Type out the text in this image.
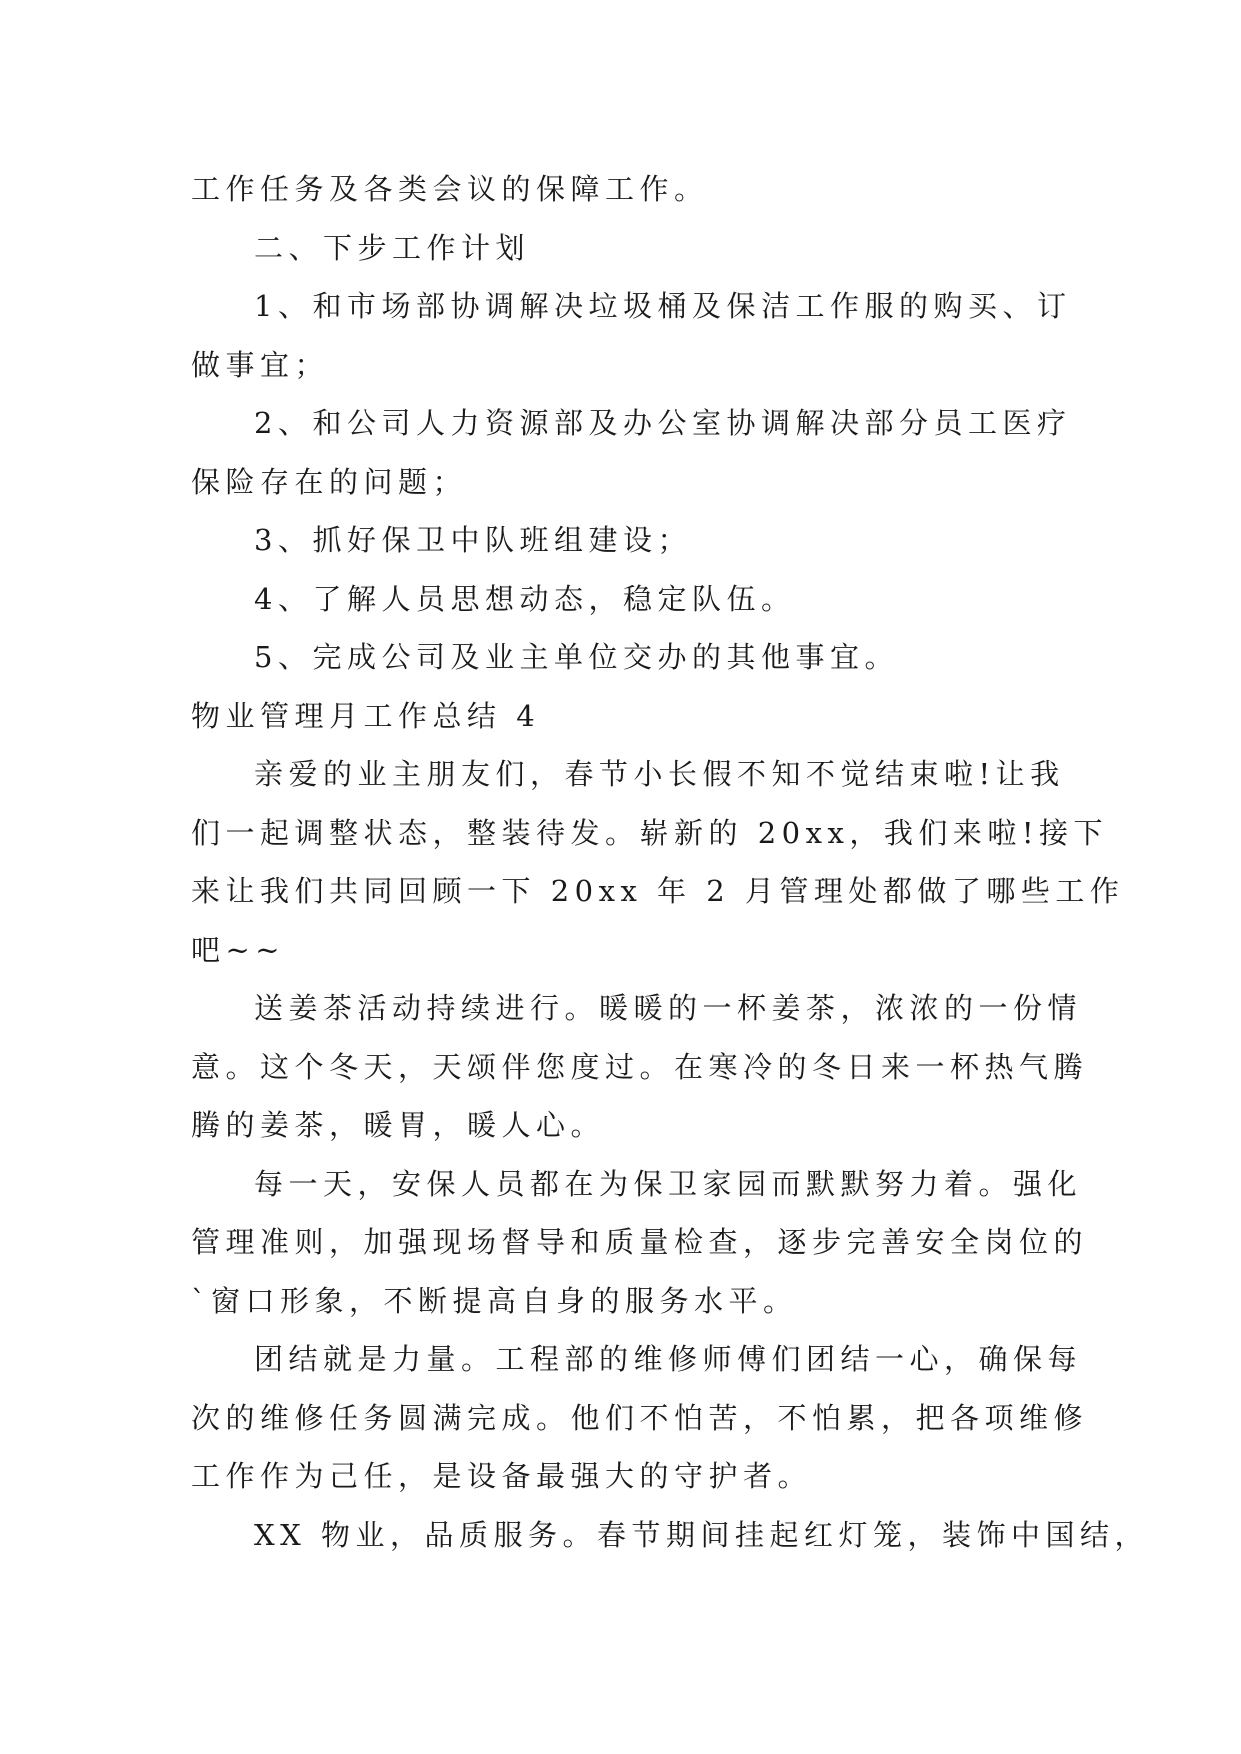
工作任务及各类会议的保障工作。
二、下步工作计划
1、和市场部协调解决垃圾桶及保洁工作服的购买、订
做事宜；
2、和公司人力资源部及办公室协调解决部分员工医疗
保险存在的问题；
3、抓好保卫中队班组建设；
4、了解人员思想动态，稳定队伍。
5、完成公司及业主单位交办的其他事宜。
物业管理月工作总结 4
亲爱的业主朋友们，春节小长假不知不觉结束啦!让我
们一起调整状态，整装待发。崭新的 20xx，我们来啦!接下
来让我们共同回顾一下 20xx 年 2 月管理处都做了哪些工作
吧~~
送姜茶活动持续进行。暖暖的一杯姜茶，浓浓的一份情
意。这个冬天，天颂伴您度过。在寒冷的冬日来一杯热气腾
腾的姜茶，暖胃，暖人心。
每一天，安保人员都在为保卫家园而默默努力着。强化
管理准则，加强现场督导和质量检查，逐步完善安全岗位的
`窗口形象，不断提高自身的服务水平。
团结就是力量。工程部的维修师傅们团结一心，确保每
次的维修任务圆满完成。他们不怕苦，不怕累，把各项维修
工作作为己任，是设备最强大的守护者。
XX 物业，品质服务。春节期间挂起红灯笼，装饰中国结，
